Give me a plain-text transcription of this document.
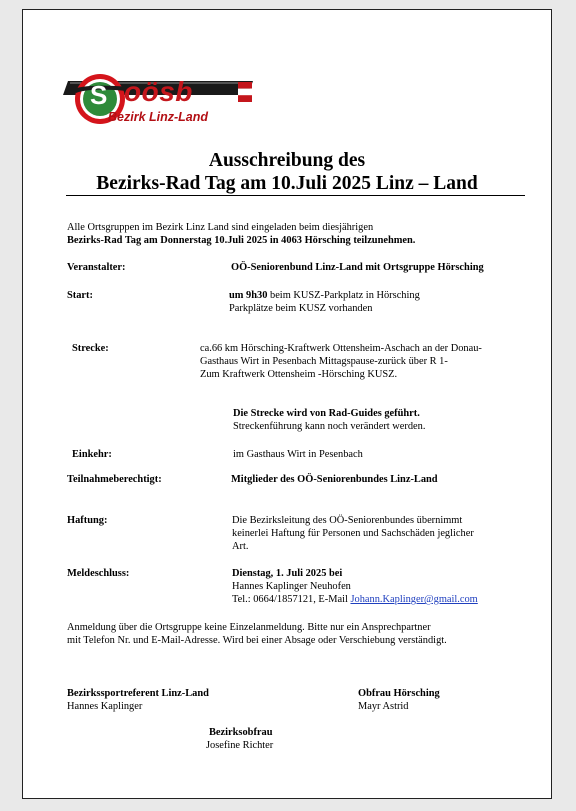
S oösb
Bezirk Linz-Land
Ausschreibung des
Bezirks-Rad Tag am 10.Juli 2025 Linz – Land
Alle Ortsgruppen im Bezirk Linz Land sind eingeladen beim diesjährigen
Bezirks-Rad Tag am Donnerstag 10.Juli 2025 in 4063 Hörsching teilzunehmen.
Veranstalter:	OÖ-Seniorenbund Linz-Land mit Ortsgruppe Hörsching
Start:	um 9h30 beim KUSZ-Parkplatz in Hörsching
Parkplätze beim KUSZ vorhanden
Strecke:	ca.66 km Hörsching-Kraftwerk Ottensheim-Aschach an der Donau-
Gasthaus Wirt in Pesenbach Mittagspause-zurück über R 1-
Zum Kraftwerk Ottensheim -Hörsching KUSZ.
Die Strecke wird von Rad-Guides geführt.
Streckenführung kann noch verändert werden.
Einkehr:	im Gasthaus Wirt in Pesenbach
Teilnahmeberechtigt:	Mitglieder des OÖ-Seniorenbundes Linz-Land
Haftung:	Die Bezirksleitung des OÖ-Seniorenbundes übernimmt
keinerlei Haftung für Personen und Sachschäden jeglicher
Art.
Meldeschluss:	Dienstag, 1. Juli 2025 bei
Hannes Kaplinger Neuhofen
Tel.: 0664/1857121, E-Mail Johann.Kaplinger@gmail.com
Anmeldung über die Ortsgruppe keine Einzelanmeldung. Bitte nur ein Ansprechpartner
mit Telefon Nr. und E-Mail-Adresse. Wird bei einer Absage oder Verschiebung verständigt.
Bezirkssportreferent Linz-Land
Hannes Kaplinger
Obfrau Hörsching
Mayr Astrid
Bezirksobfrau
Josefine Richter
